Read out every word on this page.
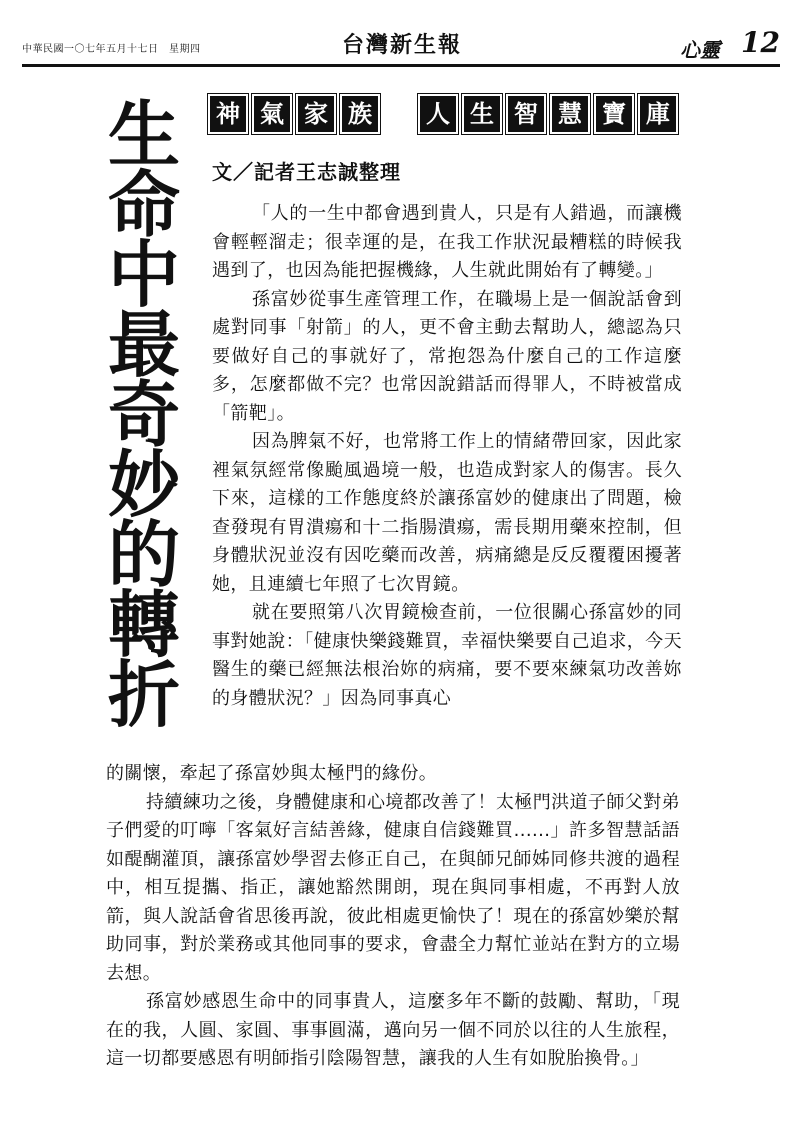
中華民國一〇七年五月十七日　星期四	台灣新生報	心靈 12
生
命
中
最
奇
妙
的
轉
折
神 氣 家 族	人 生 智 慧 寶 庫
文／記者王志誠整理

「人的一生中都會遇到貴人，只是有人錯過，而讓機會輕輕溜走；很幸運的是，在我工作狀況最糟糕的時候我遇到了，也因為能把握機緣，人生就此開始有了轉變。」

孫富妙從事生產管理工作，在職場上是一個說話會到處對同事「射箭」的人，更不會主動去幫助人，總認為只要做好自己的事就好了，常抱怨為什麼自己的工作這麼多，怎麼都做不完？也常因說錯話而得罪人，不時被當成「箭靶」。

因為脾氣不好，也常將工作上的情緒帶回家，因此家裡氣氛經常像颱風過境一般，也造成對家人的傷害。長久下來，這樣的工作態度終於讓孫富妙的健康出了問題，檢查發現有胃潰瘍和十二指腸潰瘍，需長期用藥來控制，但身體狀況並沒有因吃藥而改善，病痛總是反反覆覆困擾著她，且連續七年照了七次胃鏡。

就在要照第八次胃鏡檢查前，一位很關心孫富妙的同事對她說：「健康快樂錢難買，幸福快樂要自己追求，今天醫生的藥已經無法根治妳的病痛，要不要來練氣功改善妳的身體狀況？」因為同事真心

的關懷，牽起了孫富妙與太極門的緣份。

持續練功之後，身體健康和心境都改善了！太極門洪道子師父對弟子們愛的叮嚀「客氣好言結善緣，健康自信錢難買......」許多智慧話語如醍醐灌頂，讓孫富妙學習去修正自己，在與師兄師姊同修共渡的過程中，相互提攜、指正，讓她豁然開朗，現在與同事相處，不再對人放箭，與人說話會省思後再說，彼此相處更愉快了！現在的孫富妙樂於幫助同事，對於業務或其他同事的要求，會盡全力幫忙並站在對方的立場去想。

孫富妙感恩生命中的同事貴人，這麼多年不斷的鼓勵、幫助，「現在的我，人圓、家圓、事事圓滿，邁向另一個不同於以往的人生旅程，這一切都要感恩有明師指引陰陽智慧，讓我的人生有如脫胎換骨。」
